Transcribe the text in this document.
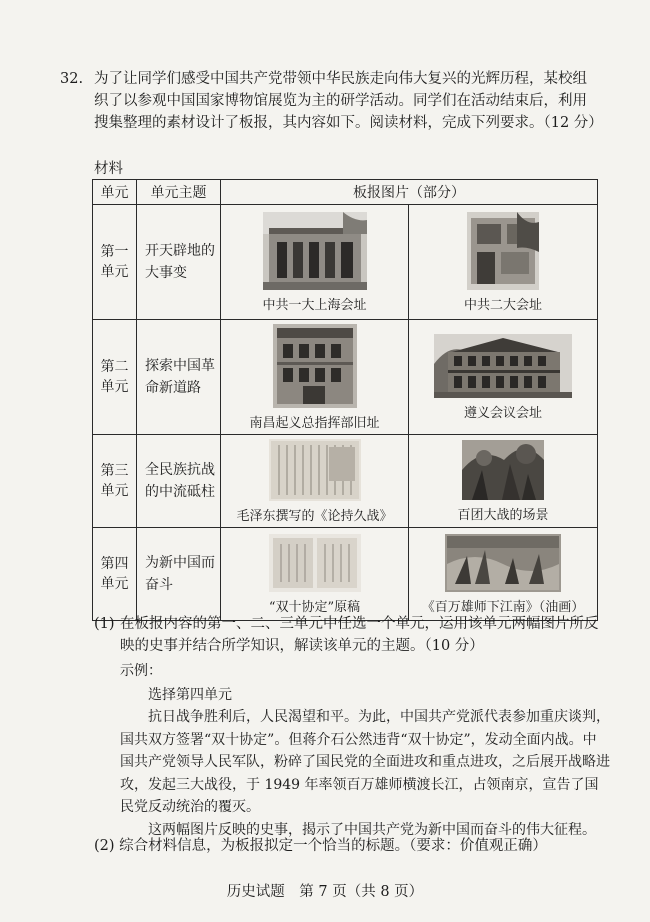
32. 为了让同学们感受中国共产党带领中华民族走向伟大复兴的光辉历程，某校组织了以参观中国国家博物馆展览为主的研学活动。同学们在活动结束后，利用搜集整理的素材设计了板报，其内容如下。阅读材料，完成下列要求。（12 分）

材料
单元	单元主题	板报图片（部分）	
第一单元	开天辟地的大事变	中共一大上海会址	中共二大会址

第二单元	探索中国革命新道路	南昌起义总指挥部旧址	遵义会议会址

第三单元	全民族抗战的中流砥柱	毛泽东撰写的《论持久战》	百团大战的场景

第四单元	为新中国而奋斗	“双十协定”原稿	《百万雄师下江南》（油画）
(1) 在板报内容的第一、二、三单元中任选一个单元，运用该单元两幅图片所反映的史事并结合所学知识，解读该单元的主题。（10 分）

示例：
选择第四单元

抗日战争胜利后，人民渴望和平。为此，中国共产党派代表参加重庆谈判，国共双方签署“双十协定”。但蒋介石公然违背“双十协定”，发动全面内战。中国共产党领导人民军队，粉碎了国民党的全面进攻和重点进攻，之后展开战略进攻，发起三大战役，于 1949 年率领百万雄师横渡长江，占领南京，宣告了国民党反动统治的覆灭。

这两幅图片反映的史事，揭示了中国共产党为新中国而奋斗的伟大征程。

(2) 综合材料信息，为板报拟定一个恰当的标题。（要求：价值观正确）
历史试题　第 7 页（共 8 页）
